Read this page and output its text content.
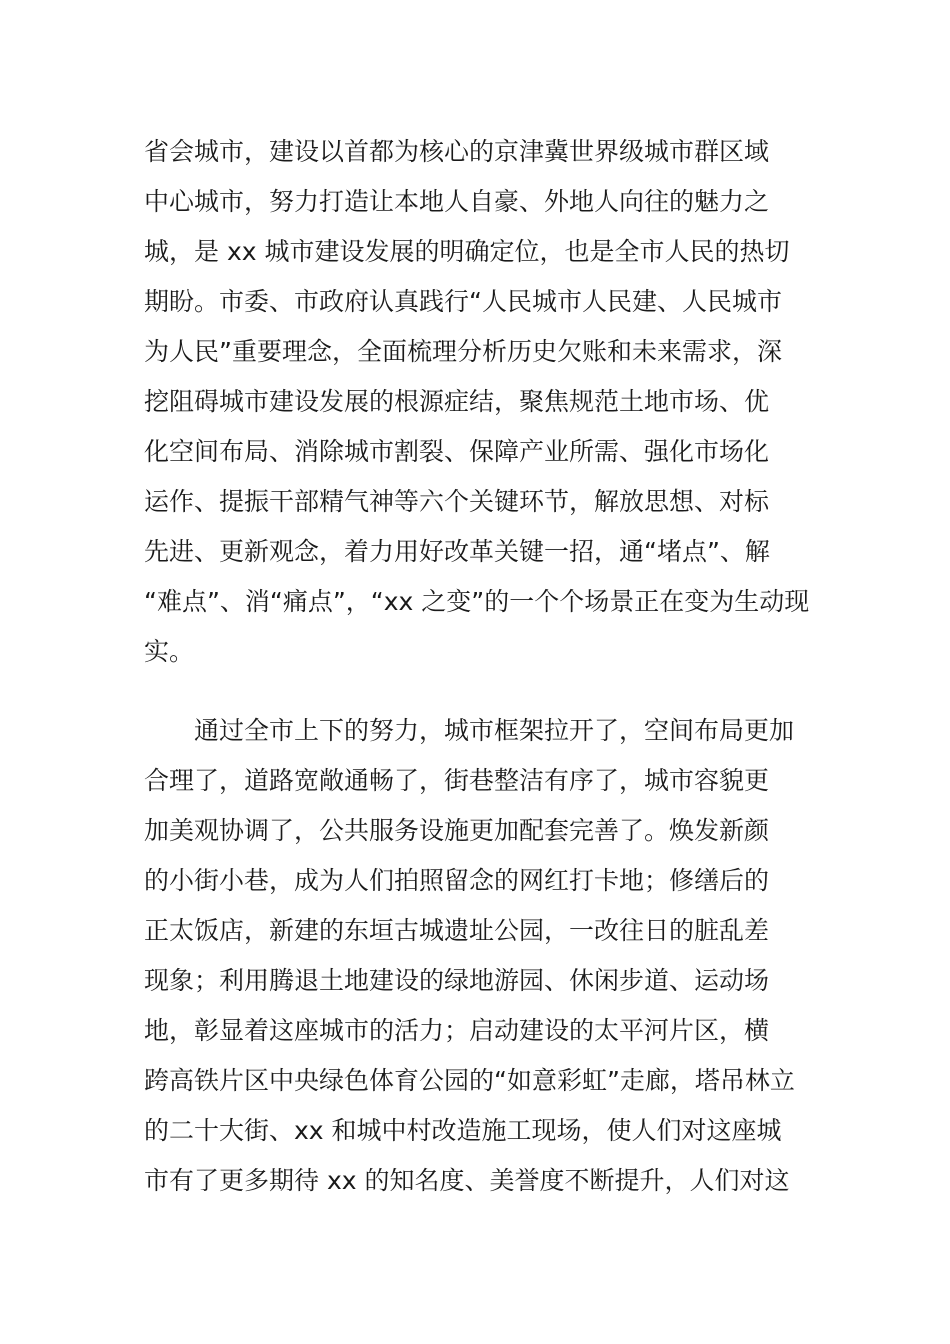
省会城市，建设以首都为核心的京津冀世界级城市群区域
中心城市，努力打造让本地人自豪、外地人向往的魅力之
城，是 xx 城市建设发展的明确定位，也是全市人民的热切
期盼。市委、市政府认真践行“人民城市人民建、人民城市
为人民”重要理念，全面梳理分析历史欠账和未来需求，深
挖阻碍城市建设发展的根源症结，聚焦规范土地市场、优
化空间布局、消除城市割裂、保障产业所需、强化市场化
运作、提振干部精气神等六个关键环节，解放思想、对标
先进、更新观念，着力用好改革关键一招，通“堵点”、解
“难点”、消“痛点”，“xx 之变”的一个个场景正在变为生动现
实。
　　通过全市上下的努力，城市框架拉开了，空间布局更加
合理了，道路宽敞通畅了，街巷整洁有序了，城市容貌更
加美观协调了，公共服务设施更加配套完善了。焕发新颜
的小街小巷，成为人们拍照留念的网红打卡地；修缮后的
正太饭店，新建的东垣古城遗址公园，一改往日的脏乱差
现象；利用腾退土地建设的绿地游园、休闲步道、运动场
地，彰显着这座城市的活力；启动建设的太平河片区，横
跨高铁片区中央绿色体育公园的“如意彩虹”走廊，塔吊林立
的二十大街、xx 和城中村改造施工现场，使人们对这座城
市有了更多期待 xx 的知名度、美誉度不断提升，人们对这
